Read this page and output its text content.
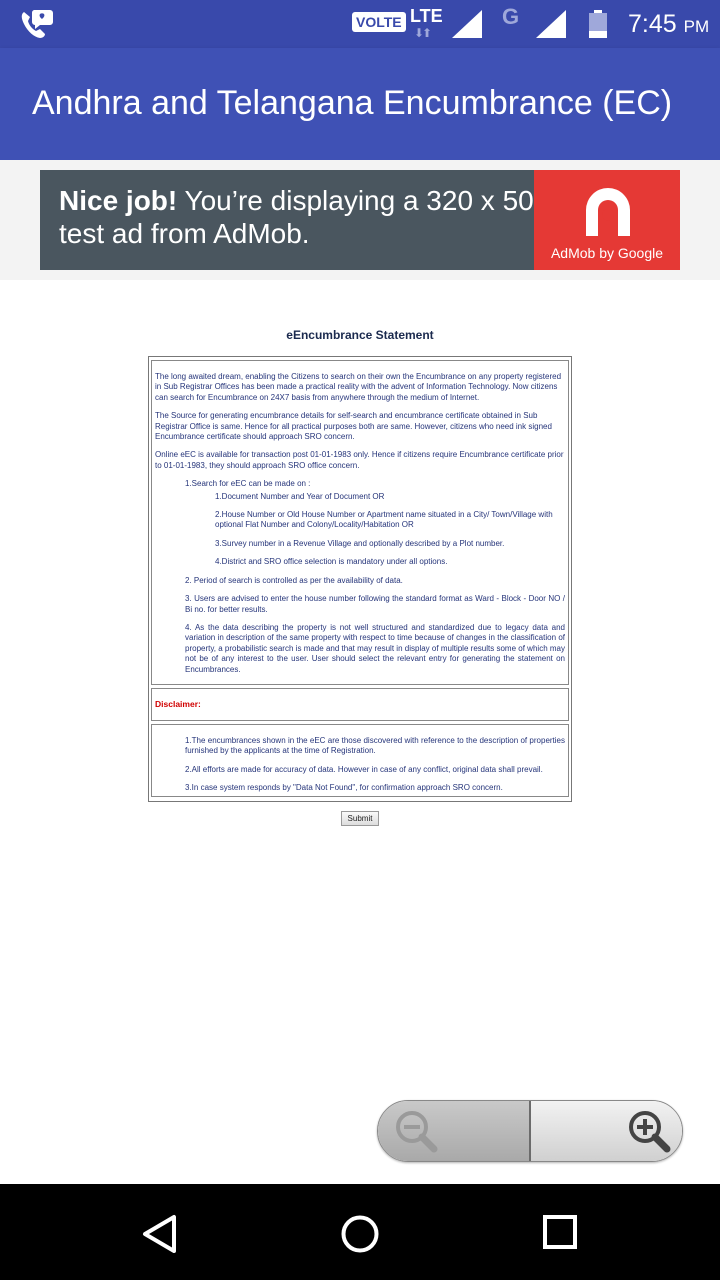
VOLTE LTE
⬇⬆
G	7:45 PM
Andhra and Telangana Encumbrance (EC)
Nice job! You’re displaying a 320 x 50 test ad from AdMob.
AdMob by Google
eEncumbrance Statement

The long awaited dream, enabling the Citizens to search on their own the Encumbrance on any property registered in Sub Registrar Offices has been made a practical reality with the advent of Information Technology. Now citizens can search for Encumbrance on 24X7 basis from anywhere through the medium of Internet.

The Source for generating encumbrance details for self-search and encumbrance certificate obtained in Sub Registrar Office is same. Hence for all practical purposes both are same. However, citizens who need ink signed Encumbrance certificate should approach SRO concern.

Online eEC is available for transaction post 01-01-1983 only. Hence if citizens require Encumbrance certificate prior to 01-01-1983, they should approach SRO office concern.

1.Search for eEC can be made on :
1.Document Number and Year of Document OR
2.House Number or Old House Number or Apartment name situated in a City/ Town/Village with optional Flat Number and Colony/Locality/Habitation OR
3.Survey number in a Revenue Village and optionally described by a Plot number.
4.District and SRO office selection is mandatory under all options.
2. Period of search is controlled as per the availability of data.
3. Users are advised to enter the house number following the standard format as Ward - Block - Door NO / Bi no. for better results.
4. As the data describing the property is not well structured and standardized due to legacy data and variation in description of the same property with respect to time because of changes in the classification of property, a probabilistic search is made and that may result in display of multiple results some of which may not be of any interest to the user. User should select the relevant entry for generating the statement on Encumbrances.
Disclaimer:
1.The encumbrances shown in the eEC are those discovered with reference to the description of properties furnished by the applicants at the time of Registration.
2.All efforts are made for accuracy of data. However in case of any conflict, original data shall prevail.
3.In case system responds by "Data Not Found", for confirmation approach SRO concern.
Submit
